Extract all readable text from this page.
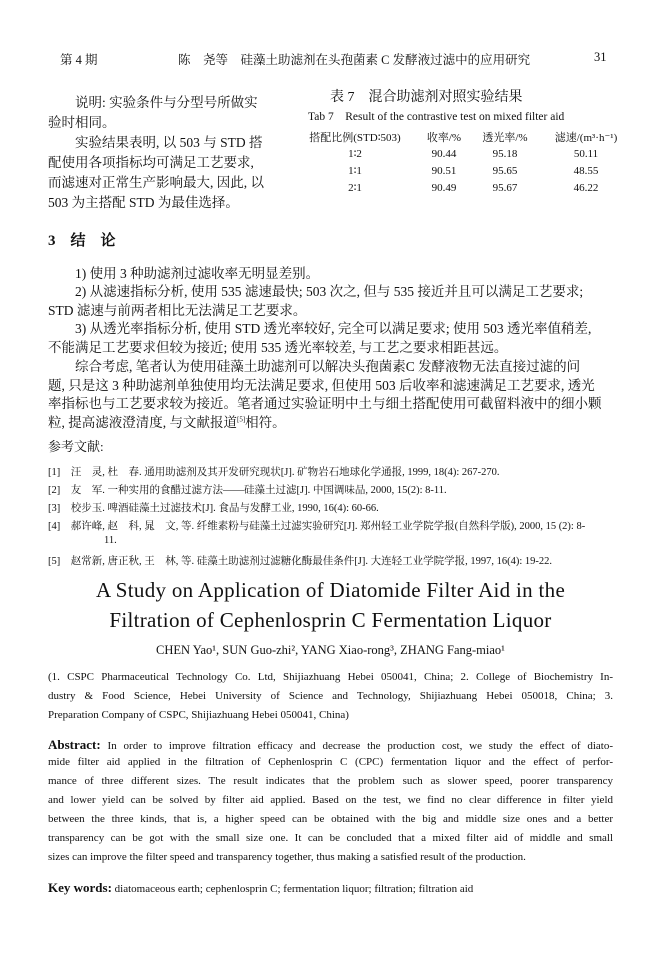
第 4 期	陈　尧等　硅藻土助滤剂在头孢菌素 C 发酵液过滤中的应用研究	31
　　说明: 实验条件与分型号所做实
验时相同。
　　实验结果表明, 以 503 与 STD 搭
配使用各项指标均可满足工艺要求,
而滤速对正常生产影响最大, 因此, 以
503 为主搭配 STD 为最佳选择。
表 7　混合助滤剂对照实验结果
Tab 7　Result of the contrastive test on mixed filter aid
搭配比例(STD∶503)	收率/%	透光率/%	滤速/(m³·h⁻¹)
1∶2	90.44	95.18	50.11
1∶1	90.51	95.65	48.55
2∶1	90.49	95.67	46.22
3　结　论
　　1) 使用 3 种助滤剂过滤收率无明显差别。
　　2) 从滤速指标分析, 使用 535 滤速最快; 503 次之, 但与 535 接近并且可以满足工艺要求;
STD 滤速与前两者相比无法满足工艺要求。
　　3) 从透光率指标分析, 使用 STD 透光率较好, 完全可以满足要求; 使用 503 透光率值稍差,
不能满足工艺要求但较为接近; 使用 535 透光率较差, 与工艺之要求相距甚远。
　　综合考虑, 笔者认为使用硅藻土助滤剂可以解决头孢菌素C 发酵液物无法直接过滤的问
题, 只是这 3 种助滤剂单独使用均无法满足要求, 但使用 503 后收率和滤速满足工艺要求, 透光
率指标也与工艺要求较为接近。笔者通过实验证明中土与细土搭配使用可截留料液中的细小颗
粒, 提高滤液澄清度, 与文献报道[5]相符。
参考文献:
[1]　汪　灵, 杜　春. 通用助滤剂及其开发研究现状[J]. 矿物岩石地球化学通报, 1999, 18(4): 267-270.
[2]　友　军. 一种实用的食醋过滤方法——硅藻土过滤[J]. 中国调味品, 2000, 15(2): 8-11.
[3]　校步玉. 啤酒硅藻土过滤技术[J]. 食品与发酵工业, 1990, 16(4): 60-66.
[4]　郝许峰, 赵　科, 晁　文, 等. 纤维素粉与硅藻土过滤实验研究[J]. 郑州轻工业学院学报(自然科学版), 2000, 15 (2): 8-
11.
[5]　赵常新, 唐正秋, 王　林, 等. 硅藻土助滤剂过滤糖化酶最佳条件[J]. 大连轻工业学院学报, 1997, 16(4): 19-22.
A Study on Application of Diatomide Filter Aid in the
Filtration of Cephenlosprin C Fermentation Liquor
CHEN Yao¹, SUN Guo-zhi², YANG Xiao-rong³, ZHANG Fang-miao¹
(1. CSPC Pharmaceutical Technology Co. Ltd, Shijiazhuang Hebei 050041, China; 2. College of Biochemistry In-
dustry & Food Science, Hebei University of Science and Technology, Shijiazhuang Hebei 050018, China; 3.
Preparation Company of CSPC, Shijiazhuang Hebei 050041, China)
Abstract: In order to improve filtration efficacy and decrease the production cost, we study the effect of diato-
mide filter aid applied in the filtration of Cephenlosprin C (CPC) fermentation liquor and the effect of perfor-
mance of three different sizes. The result indicates that the problem such as slower speed, poorer transparency
and lower yield can be solved by filter aid applied. Based on the test, we find no clear difference in filter yield
between the three kinds, that is, a higher speed can be obtained with the big and middle size ones and a better
transparency can be got with the small size one. It can be concluded that a mixed filter aid of middle and small
sizes can improve the filter speed and transparency together, thus making a satisfied result of the production.
Key words: diatomaceous earth; cephenlosprin C; fermentation liquor; filtration; filtration aid
